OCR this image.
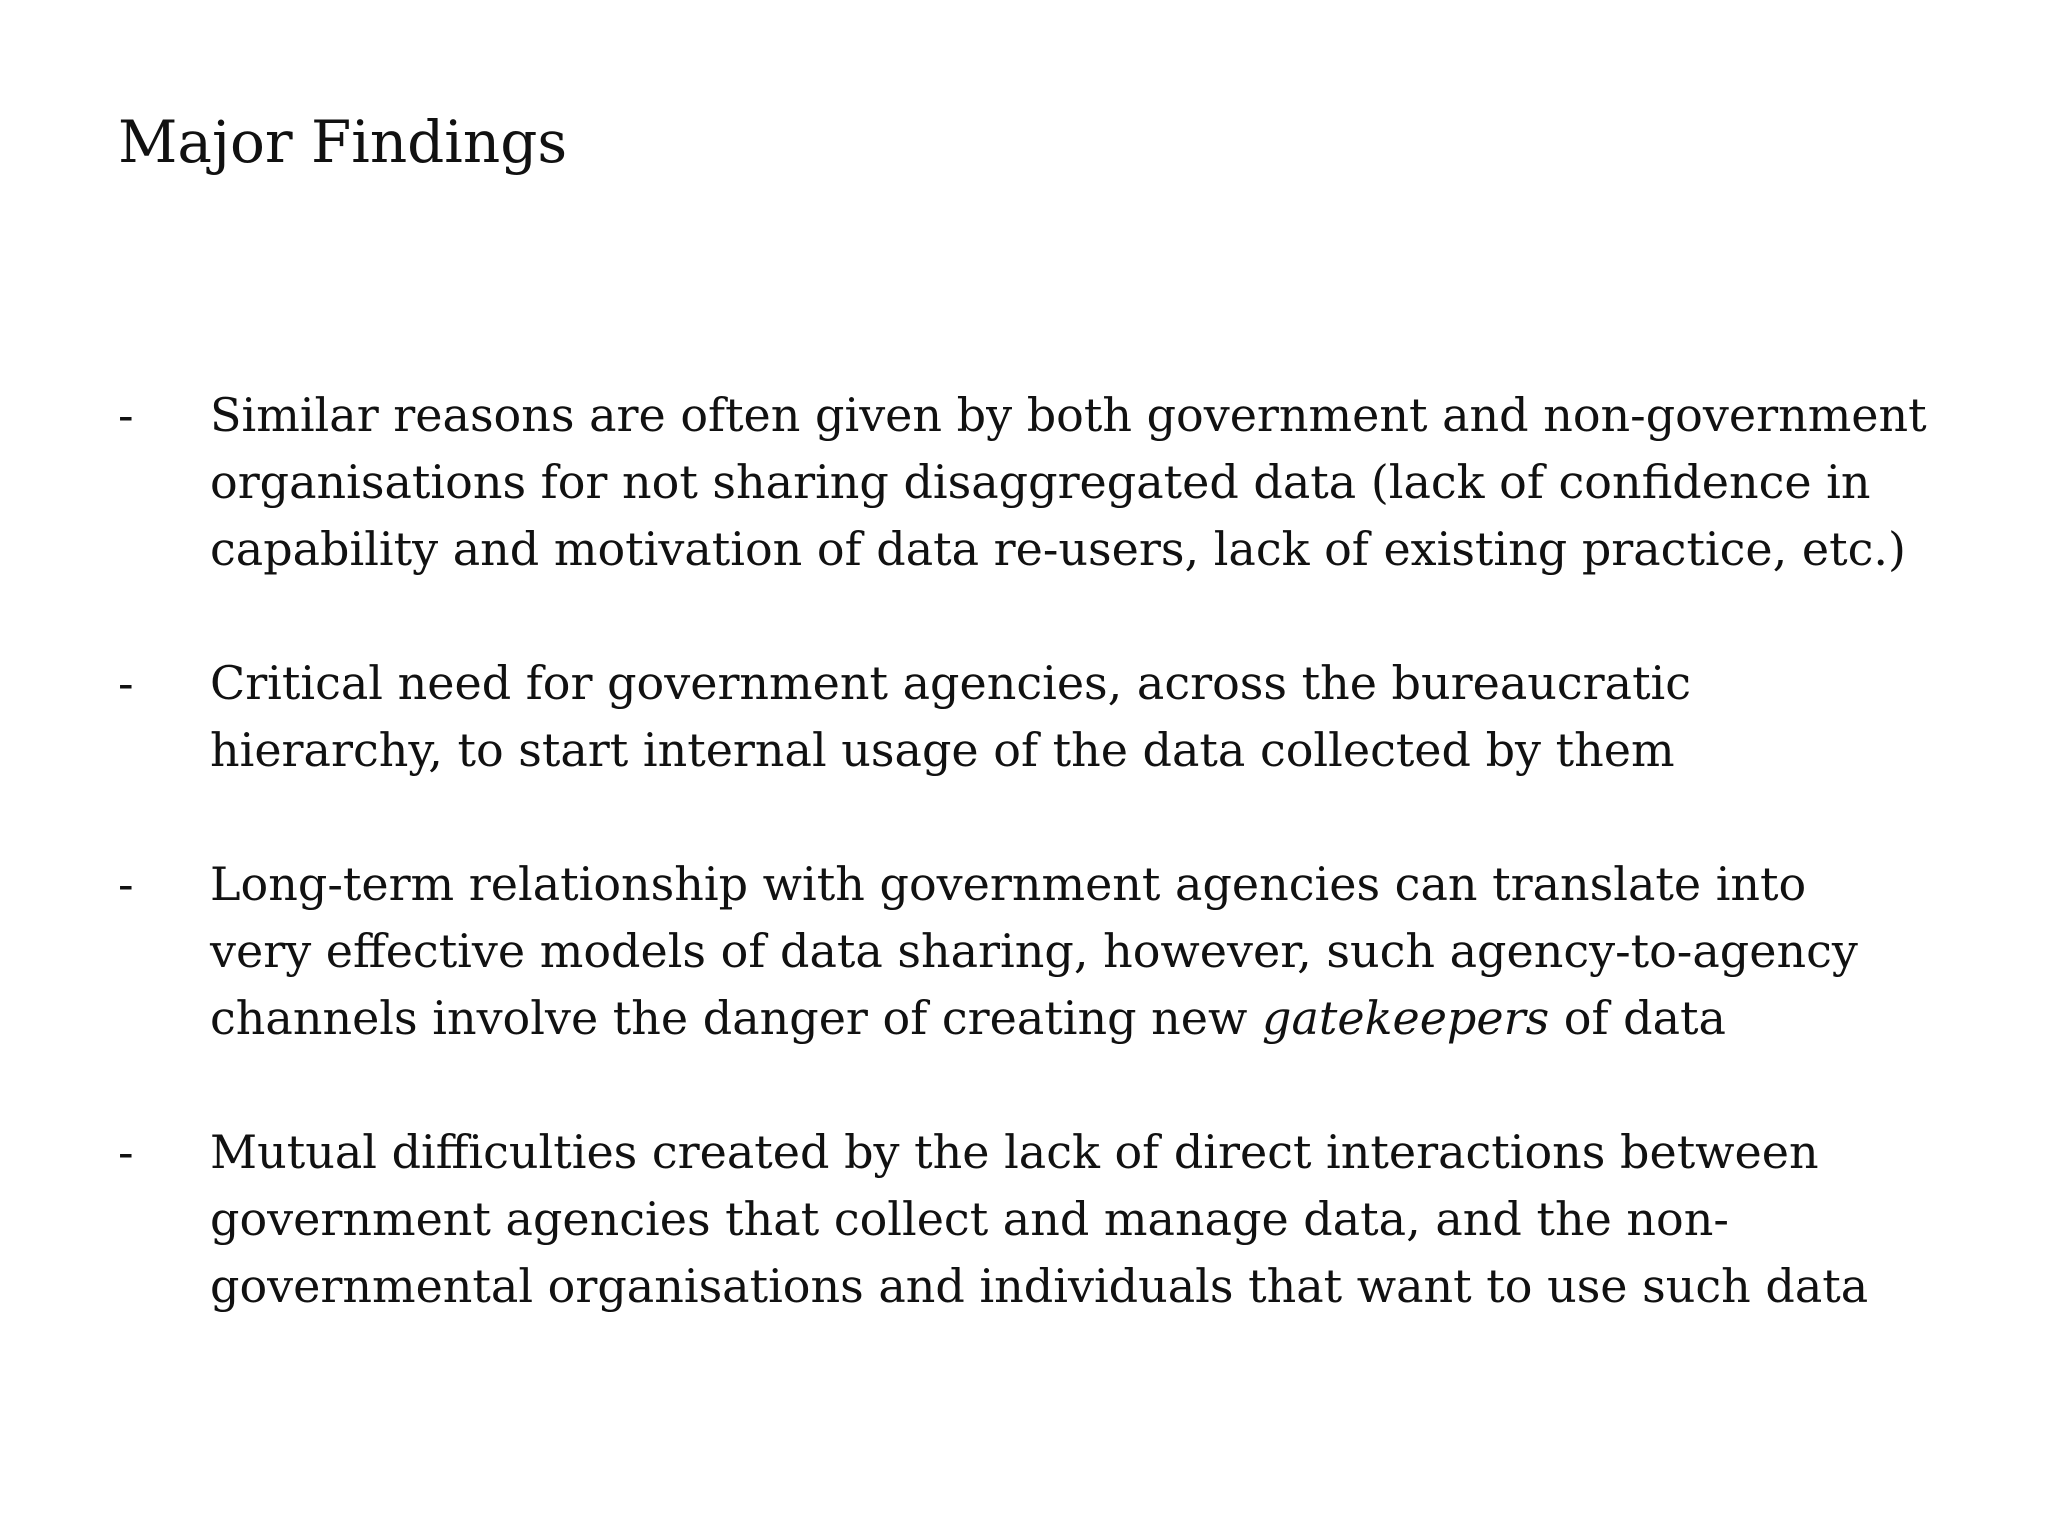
Major Findings
-	Similar reasons are often given by both government and non-government
organisations for not sharing disaggregated data (lack of confidence in
capability and motivation of data re-users, lack of existing practice, etc.)
-	Critical need for government agencies, across the bureaucratic
hierarchy, to start internal usage of the data collected by them
-	Long-term relationship with government agencies can translate into
very effective models of data sharing, however, such agency-to-agency
channels involve the danger of creating new gatekeepers of data
-	Mutual difficulties created by the lack of direct interactions between
government agencies that collect and manage data, and the non-
governmental organisations and individuals that want to use such data
